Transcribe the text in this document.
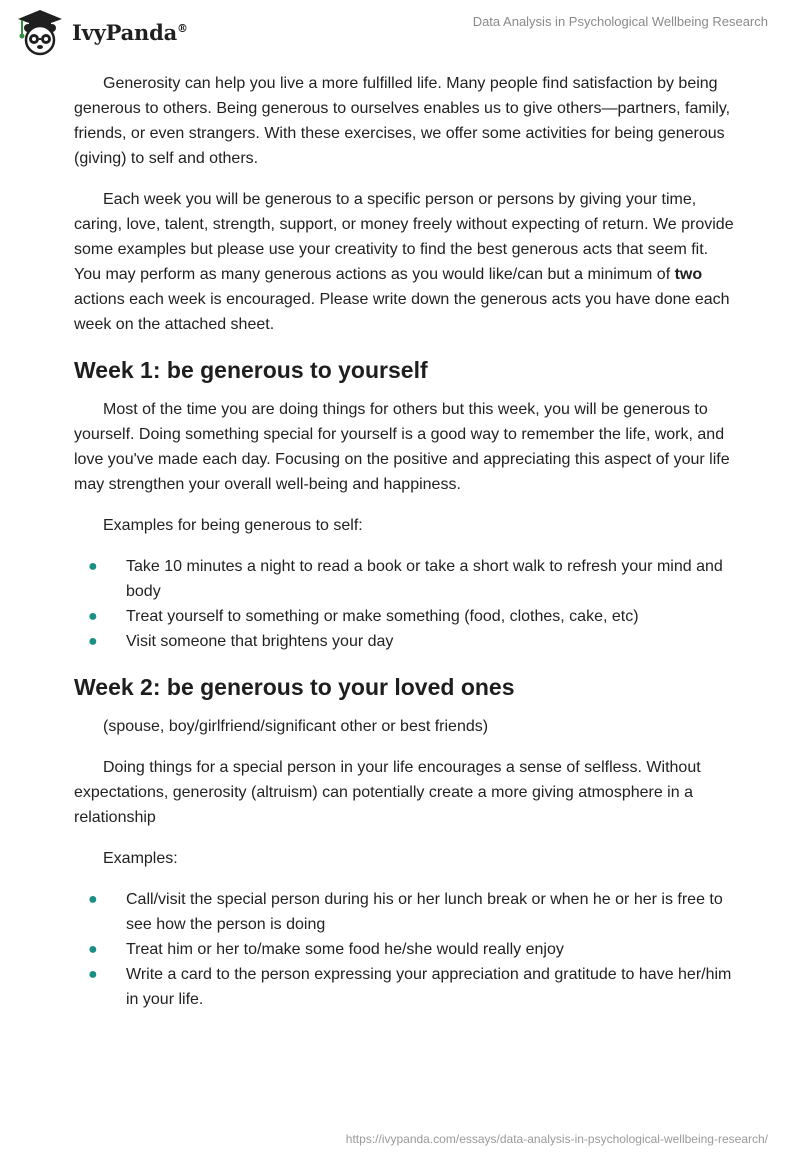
IvyPanda®	Data Analysis in Psychological Wellbeing Research

Generosity can help you live a more fulfilled life. Many people find satisfaction by being generous to others. Being generous to ourselves enables us to give others—partners, family, friends, or even strangers. With these exercises, we offer some activities for being generous (giving) to self and others.

Each week you will be generous to a specific person or persons by giving your time, caring, love, talent, strength, support, or money freely without expecting of return. We provide some examples but please use your creativity to find the best generous acts that seem fit. You may perform as many generous actions as you would like/can but a minimum of two actions each week is encouraged. Please write down the generous acts you have done each week on the attached sheet.

Week 1: be generous to yourself

Most of the time you are doing things for others but this week, you will be generous to yourself. Doing something special for yourself is a good way to remember the life, work, and love you've made each day. Focusing on the positive and appreciating this aspect of your life may strengthen your overall well-being and happiness.

Examples for being generous to self:

● Take 10 minutes a night to read a book or take a short walk to refresh your mind and body
● Treat yourself to something or make something (food, clothes, cake, etc)
● Visit someone that brightens your day
Week 2: be generous to your loved ones

(spouse, boy/girlfriend/significant other or best friends)

Doing things for a special person in your life encourages a sense of selfless. Without expectations, generosity (altruism) can potentially create a more giving atmosphere in a relationship

Examples:

● Call/visit the special person during his or her lunch break or when he or her is free to see how the person is doing
● Treat him or her to/make some food he/she would really enjoy
● Write a card to the person expressing your appreciation and gratitude to have her/him in your life.
https://ivypanda.com/essays/data-analysis-in-psychological-wellbeing-research/
